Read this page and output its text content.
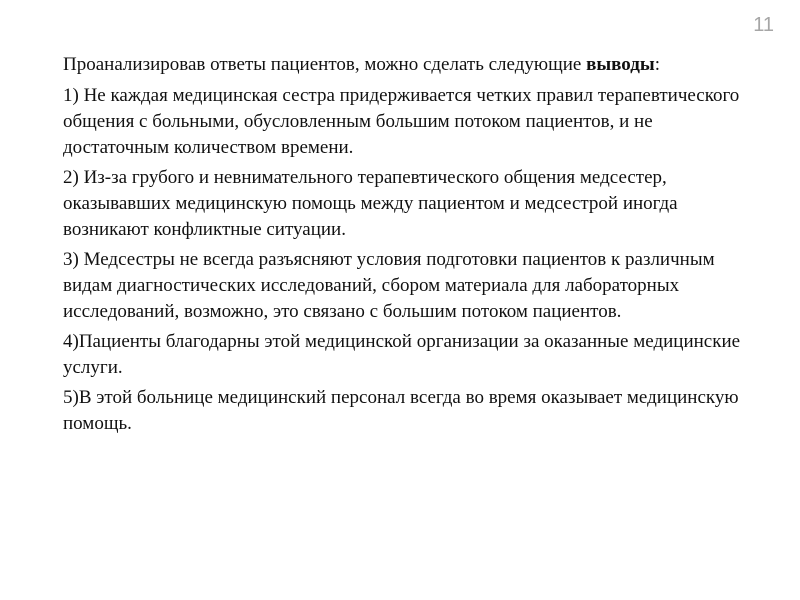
11

Проанализировав ответы пациентов, можно сделать следующие выводы:

1) Не каждая медицинская сестра придерживается четких правил терапевтического общения с больными, обусловленным большим потоком пациентов, и не достаточным количеством времени.

2) Из-за грубого и невнимательного терапевтического общения медсестер, оказывавших медицинскую помощь между пациентом и медсестрой иногда возникают конфликтные ситуации.

3) Медсестры не всегда разъясняют условия подготовки пациентов к различным видам диагностических исследований, сбором материала для лабораторных исследований, возможно, это связано с большим потоком пациентов.

4)Пациенты благодарны этой медицинской организации за оказанные медицинские услуги.

5)В этой больнице медицинский персонал всегда во время оказывает медицинскую помощь.
